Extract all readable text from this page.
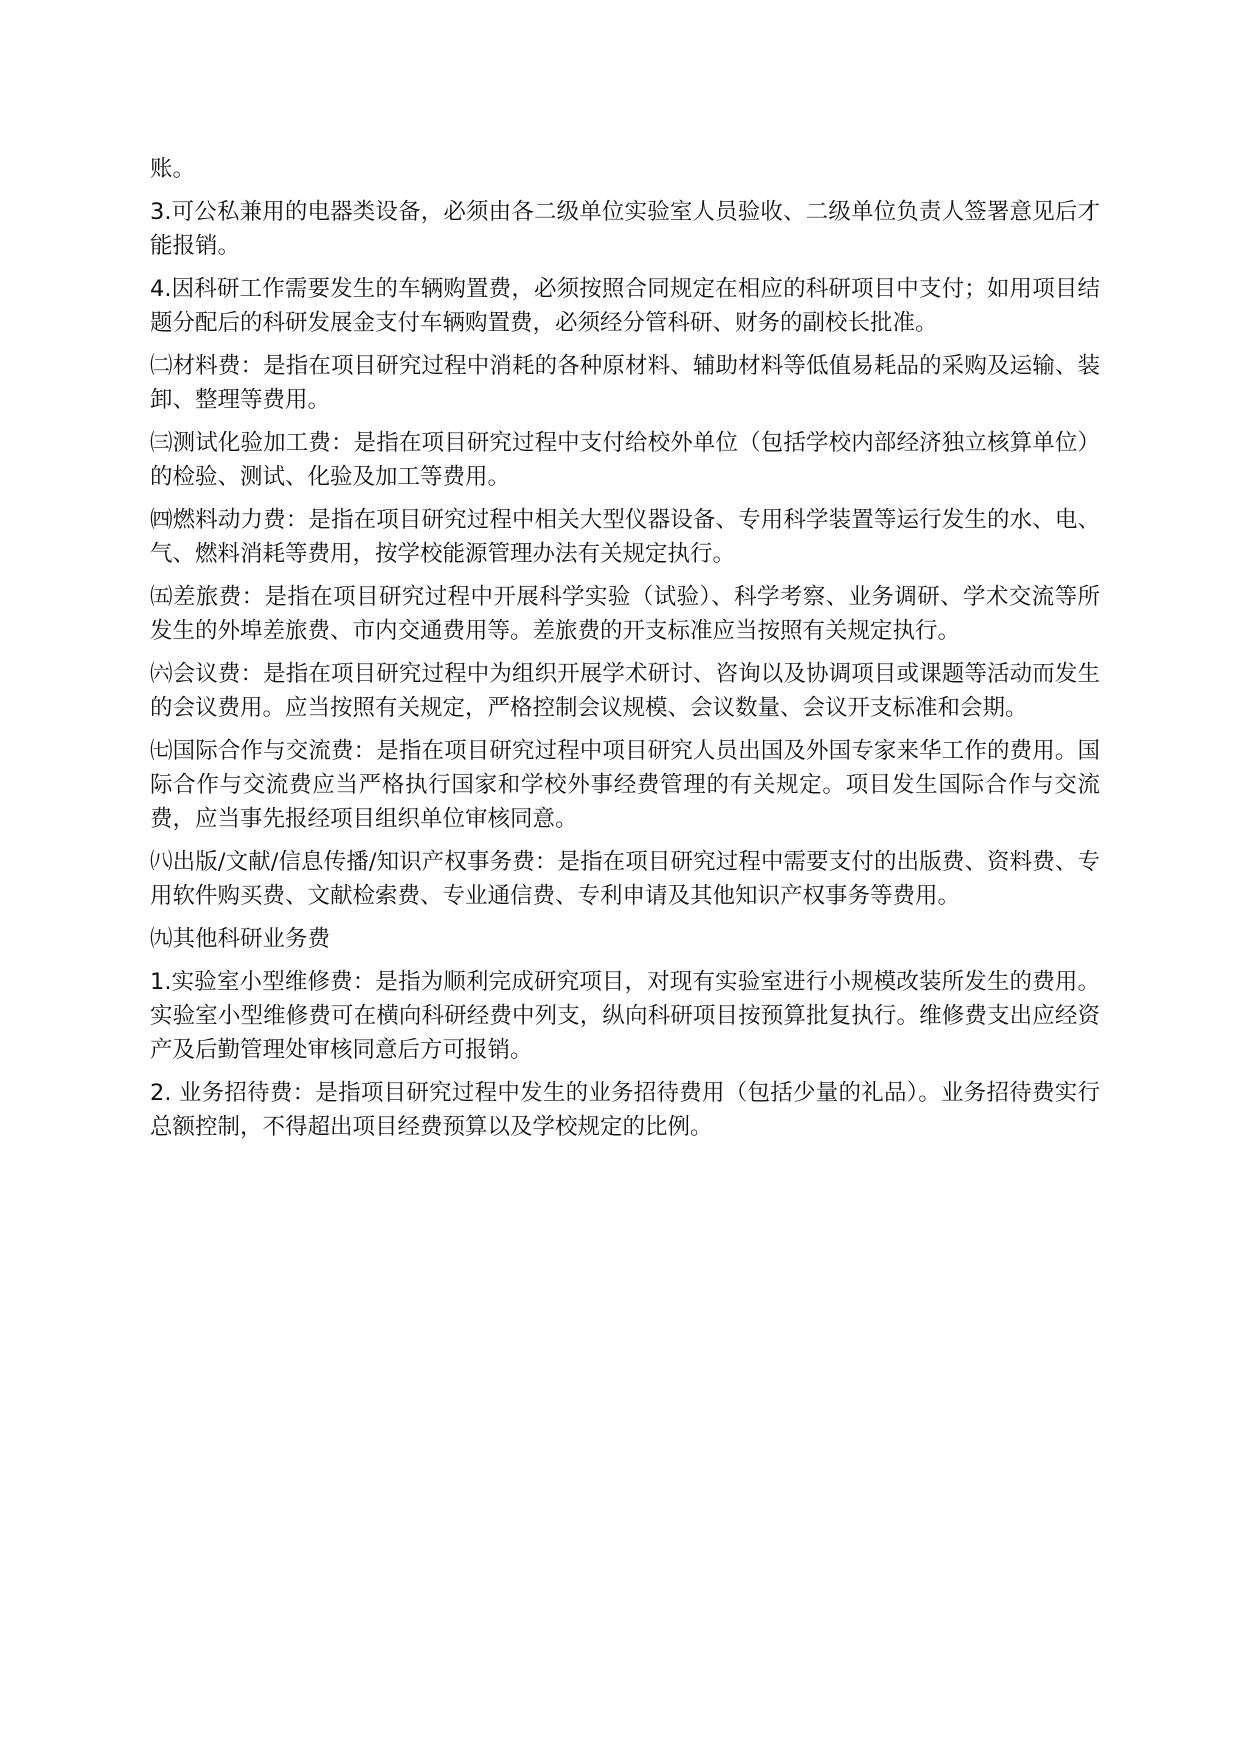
账。

3.可公私兼用的电器类设备，必须由各二级单位实验室人员验收、二级单位负责人签署意见后才能报销。

4.因科研工作需要发生的车辆购置费，必须按照合同规定在相应的科研项目中支付；如用项目结题分配后的科研发展金支付车辆购置费，必须经分管科研、财务的副校长批准。

㈡材料费：是指在项目研究过程中消耗的各种原材料、辅助材料等低值易耗品的采购及运输、装卸、整理等费用。

㈢测试化验加工费：是指在项目研究过程中支付给校外单位（包括学校内部经济独立核算单位）的检验、测试、化验及加工等费用。

㈣燃料动力费：是指在项目研究过程中相关大型仪器设备、专用科学装置等运行发生的水、电、气、燃料消耗等费用，按学校能源管理办法有关规定执行。

㈤差旅费：是指在项目研究过程中开展科学实验（试验）、科学考察、业务调研、学术交流等所发生的外埠差旅费、市内交通费用等。差旅费的开支标准应当按照有关规定执行。

㈥会议费：是指在项目研究过程中为组织开展学术研讨、咨询以及协调项目或课题等活动而发生的会议费用。应当按照有关规定，严格控制会议规模、会议数量、会议开支标准和会期。

㈦国际合作与交流费：是指在项目研究过程中项目研究人员出国及外国专家来华工作的费用。国际合作与交流费应当严格执行国家和学校外事经费管理的有关规定。项目发生国际合作与交流费，应当事先报经项目组织单位审核同意。

㈧出版/文献/信息传播/知识产权事务费：是指在项目研究过程中需要支付的出版费、资料费、专用软件购买费、文献检索费、专业通信费、专利申请及其他知识产权事务等费用。

㈨其他科研业务费

1.实验室小型维修费：是指为顺利完成研究项目，对现有实验室进行小规模改装所发生的费用。实验室小型维修费可在横向科研经费中列支，纵向科研项目按预算批复执行。维修费支出应经资产及后勤管理处审核同意后方可报销。

2. 业务招待费：是指项目研究过程中发生的业务招待费用（包括少量的礼品）。业务招待费实行总额控制，不得超出项目经费预算以及学校规定的比例。
